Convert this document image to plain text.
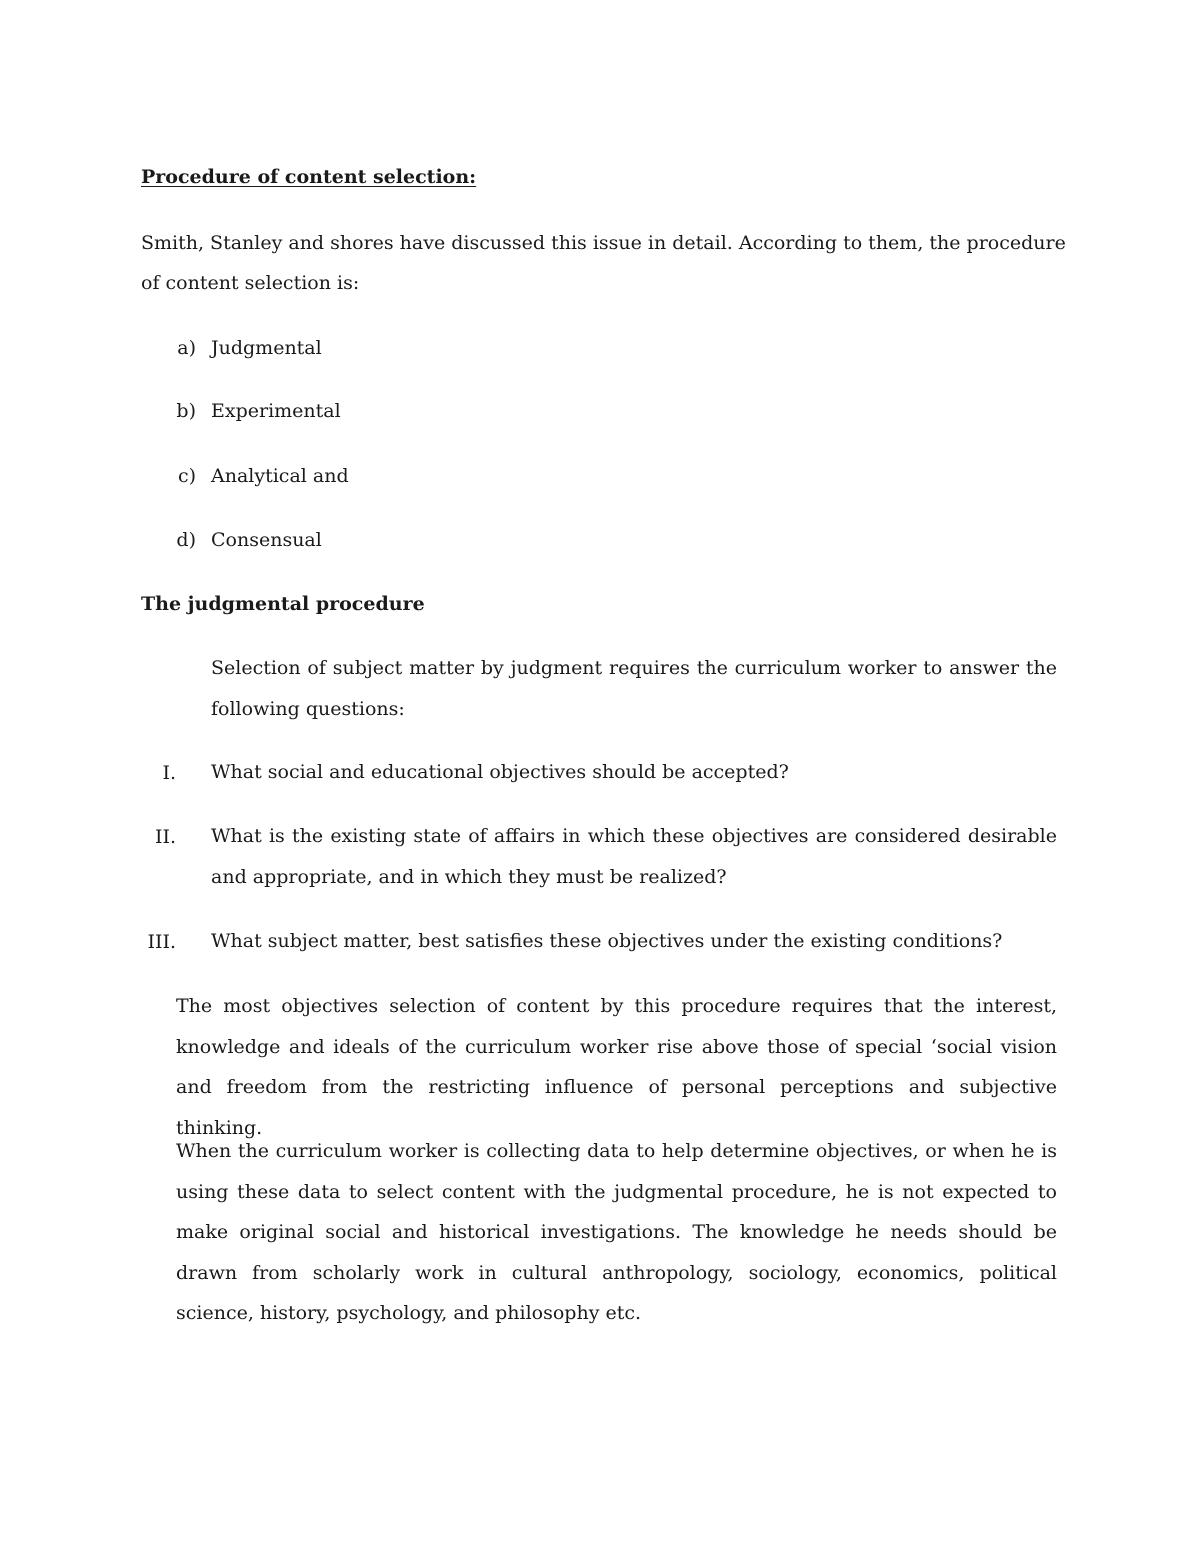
Procedure of content selection:
Smith, Stanley and shores have discussed this issue in detail. According to them, the procedure
of content selection is:
a) Judgmental
b) Experimental
c) Analytical and
d) Consensual
The judgmental procedure
Selection of subject matter by judgment requires the curriculum worker to answer the following questions:
I. What social and educational objectives should be accepted?
II. What is the existing state of affairs in which these objectives are considered desirable and appropriate, and in which they must be realized?
III. What subject matter, best satisfies these objectives under the existing conditions?
The most objectives selection of content by this procedure requires that the interest, knowledge and ideals of the curriculum worker rise above those of special ‘social vision and freedom from the restricting influence of personal perceptions and subjective thinking.
When the curriculum worker is collecting data to help determine objectives, or when he is using these data to select content with the judgmental procedure, he is not expected to make original social and historical investigations. The knowledge he needs should be drawn from scholarly work in cultural anthropology, sociology, economics, political science, history, psychology, and philosophy etc.
